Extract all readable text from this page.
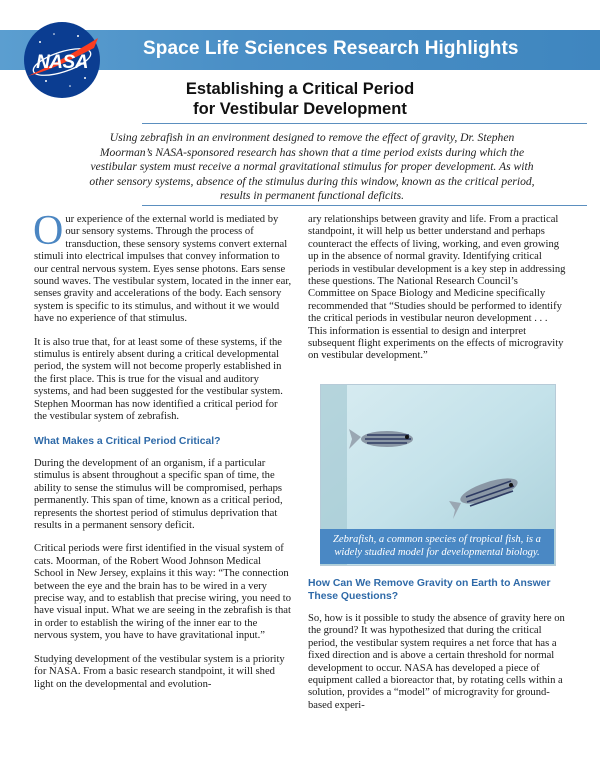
Space Life Sciences Research Highlights
NASA
Establishing a Critical Period
for Vestibular Development
Using zebrafish in an environment designed to remove the effect of gravity, Dr. Stephen Moorman’s NASA-sponsored research has shown that a time period exists during which the vestibular system must receive a normal gravitational stimulus for proper development. As with other sensory systems, absence of the stimulus during this window, known as the critical period, results in permanent functional deficits.

Our experience of the external world is mediated by our sensory systems. Through the process of transduction, these sensory systems convert external stimuli into electrical impulses that convey information to our central nervous system. Eyes sense photons. Ears sense sound waves. The vestibular system, located in the inner ear, senses gravity and accelerations of the body. Each sensory system is specific to its stimulus, and without it we would have no experience of that stimulus.

It is also true that, for at least some of these systems, if the stimulus is entirely absent during a critical developmental period, the system will not become properly established in the first place. This is true for the visual and auditory systems, and had been suggested for the vestibular system. Stephen Moorman has now identified a critical period for the vestibular system of zebrafish.

What Makes a Critical Period Critical?

During the development of an organism, if a particular stimulus is absent throughout a specific span of time, the ability to sense the stimulus will be compromised, perhaps permanently. This span of time, known as a critical period, represents the shortest period of stimulus deprivation that results in a permanent sensory deficit.

Critical periods were first identified in the visual system of cats. Moorman, of the Robert Wood Johnson Medical School in New Jersey, explains it this way: “The connection between the eye and the brain has to be wired in a very precise way, and to establish that precise wiring, you need to have visual input. What we are seeing in the zebrafish is that in order to establish the wiring of the inner ear to the nervous system, you have to have gravitational input.”

Studying development of the vestibular system is a priority for NASA. From a basic research standpoint, it will shed light on the developmental and evolution-

ary relationships between gravity and life. From a practical standpoint, it will help us better understand and perhaps counteract the effects of living, working, and even growing up in the absence of normal gravity. Identifying critical periods in vestibular development is a key step in addressing these questions. The National Research Council’s Committee on Space Biology and Medicine specifically recommended that “Studies should be performed to identify the critical periods in vestibular neuron development . . . This information is essential to design and interpret subsequent flight experiments on the effects of microgravity on vestibular development.”

Zebrafish, a common species of tropical fish, is a widely studied model for developmental biology.

How Can We Remove Gravity on Earth to Answer These Questions?

So, how is it possible to study the absence of gravity here on the ground? It was hypothesized that during the critical period, the vestibular system requires a net force that has a fixed direction and is above a certain threshold for normal development to occur. NASA has developed a piece of equipment called a bioreactor that, by rotating cells within a solution, provides a “model” of microgravity for ground-based experi-
